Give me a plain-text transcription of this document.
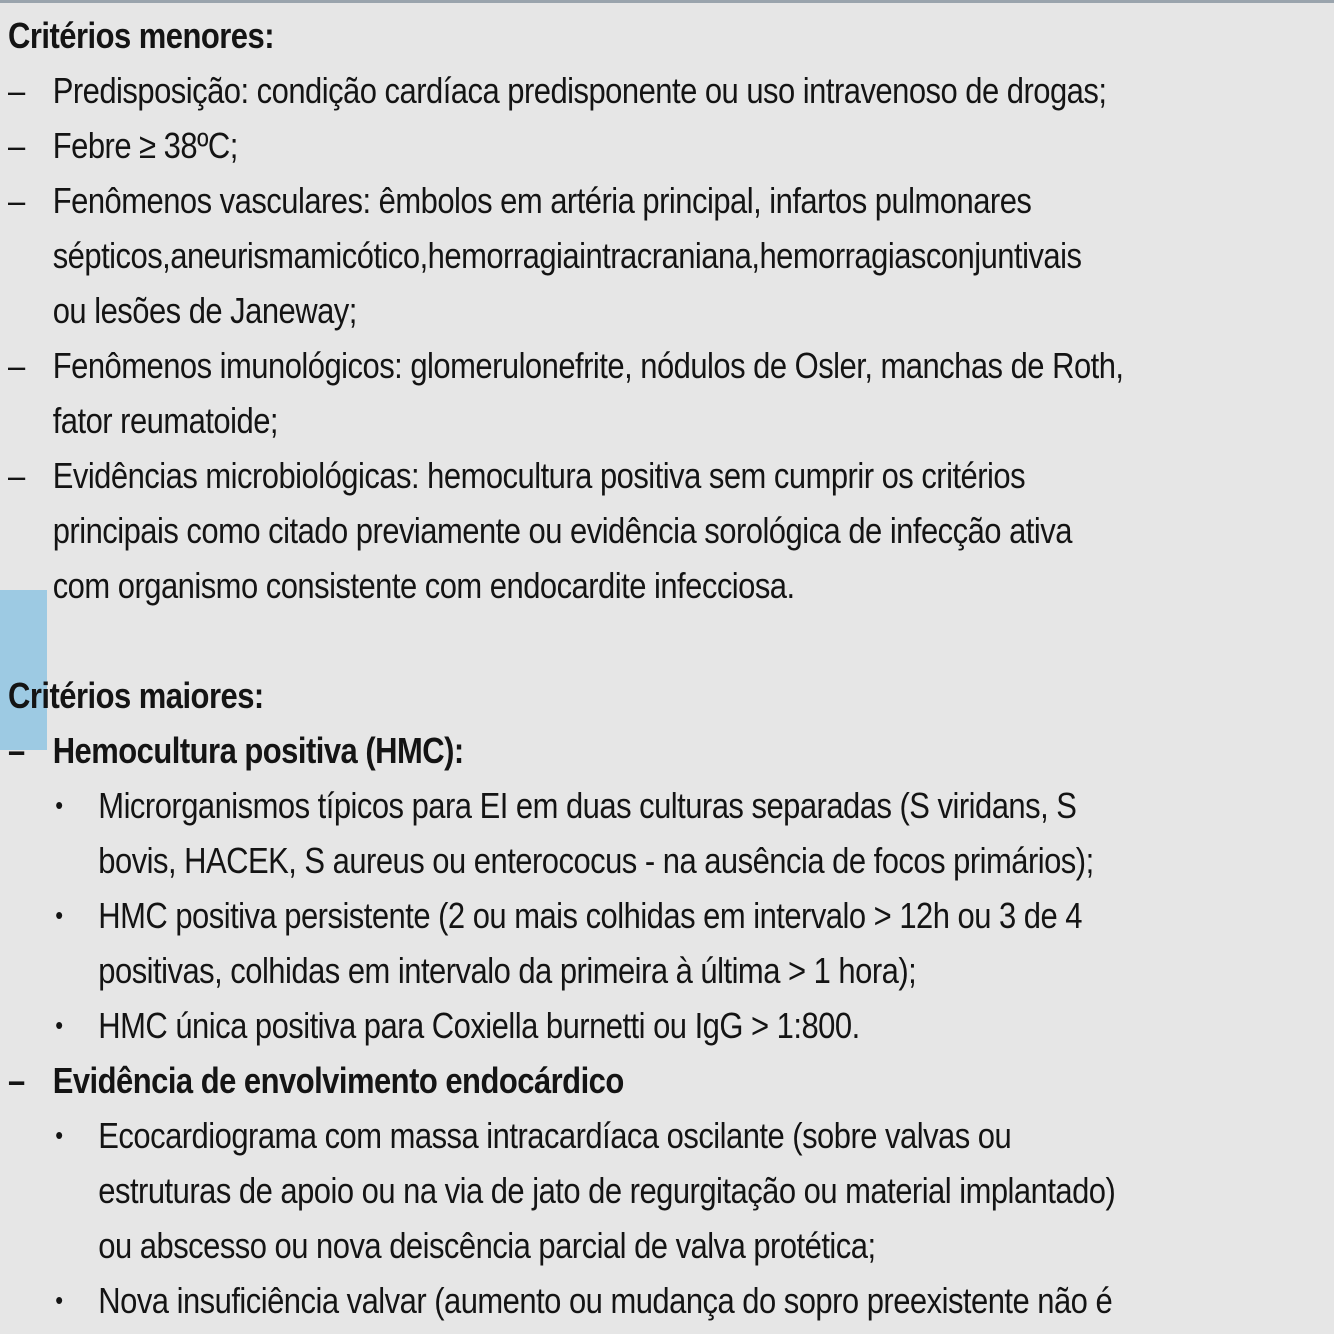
Critérios menores:
– Predisposição: condição cardíaca predisponente ou uso intravenoso de drogas;
– Febre ≥ 38ºC;
– Fenômenos vasculares: êmbolos em artéria principal, infartos pulmonares
sépticos,aneurismamicótico,hemorragiaintracraniana,hemorragiasconjuntivais
ou lesões de Janeway;
– Fenômenos imunológicos: glomerulonefrite, nódulos de Osler, manchas de Roth,
fator reumatoide;
– Evidências microbiológicas: hemocultura positiva sem cumprir os critérios
principais como citado previamente ou evidência sorológica de infecção ativa
com organismo consistente com endocardite infecciosa.
Critérios maiores:
– Hemocultura positiva (HMC):
• Microrganismos típicos para EI em duas culturas separadas (S viridans, S
bovis, HACEK, S aureus ou enterococus - na ausência de focos primários);
• HMC positiva persistente (2 ou mais colhidas em intervalo > 12h ou 3 de 4
positivas, colhidas em intervalo da primeira à última > 1 hora);
• HMC única positiva para Coxiella burnetti ou IgG > 1:800.
– Evidência de envolvimento endocárdico
• Ecocardiograma com massa intracardíaca oscilante (sobre valvas ou
estruturas de apoio ou na via de jato de regurgitação ou material implantado)
ou abscesso ou nova deiscência parcial de valva protética;
• Nova insuficiência valvar (aumento ou mudança do sopro preexistente não é
